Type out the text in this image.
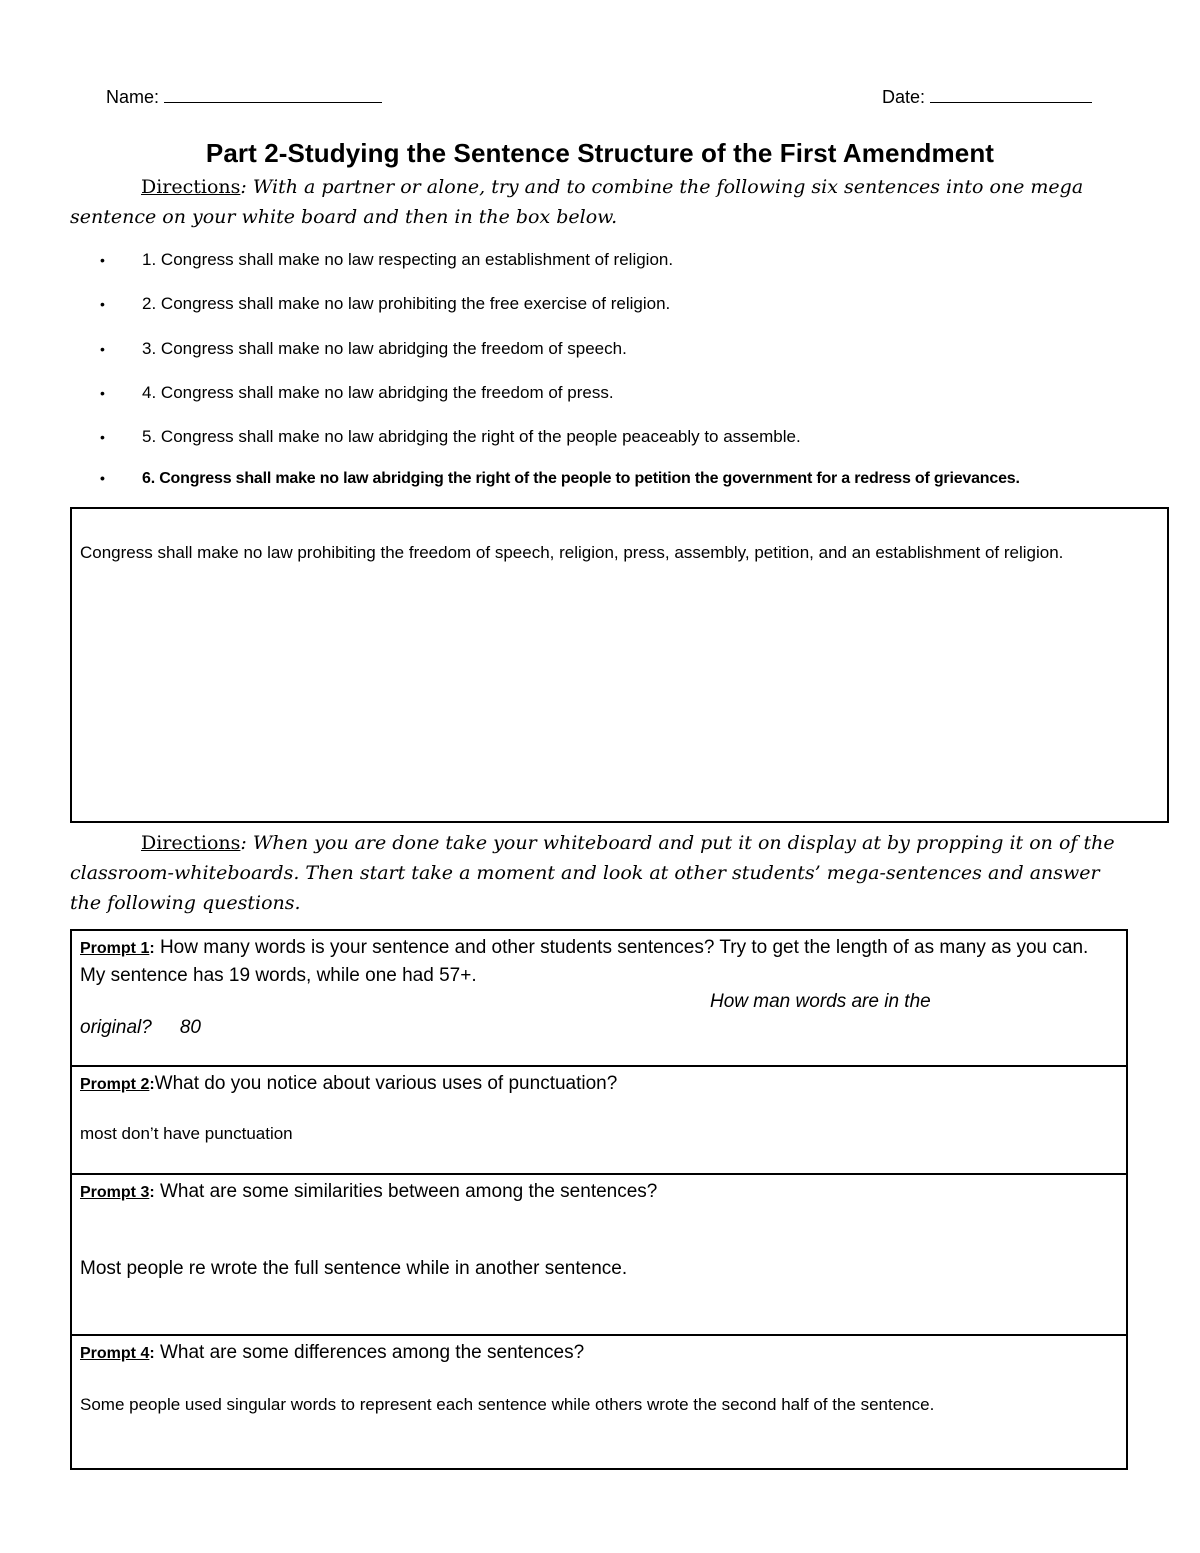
Name:	Date:
Part 2-Studying the Sentence Structure of the First Amendment
Directions: With a partner or alone, try and to combine the following six sentences into one mega sentence on your white board and then in the box below.
• 1. Congress shall make no law respecting an establishment of religion.
• 2. Congress shall make no law prohibiting the free exercise of religion.
• 3. Congress shall make no law abridging the freedom of speech.
• 4. Congress shall make no law abridging the freedom of press.
• 5. Congress shall make no law abridging the right of the people peaceably to assemble.
• 6. Congress shall make no law abridging the right of the people to petition the government for a redress of grievances.
Congress shall make no law prohibiting the freedom of speech, religion, press, assembly, petition, and an establishment of religion.
Directions: When you are done take your whiteboard and put it on display at by propping it on of the classroom-whiteboards. Then start take a moment and look at other students’ mega-sentences and answer the following questions.
Prompt 1: How many words is your sentence and other students sentences? Try to get the length of as many as you can.
My sentence has 19 words, while one had 57+.
How man words are in the
original? 80
Prompt 2:What do you notice about various uses of punctuation?
most don’t have punctuation
Prompt 3: What are some similarities between among the sentences?
Most people re wrote the full sentence while in another sentence.
Prompt 4: What are some differences among the sentences?
Some people used singular words to represent each sentence while others wrote the second half of the sentence.
